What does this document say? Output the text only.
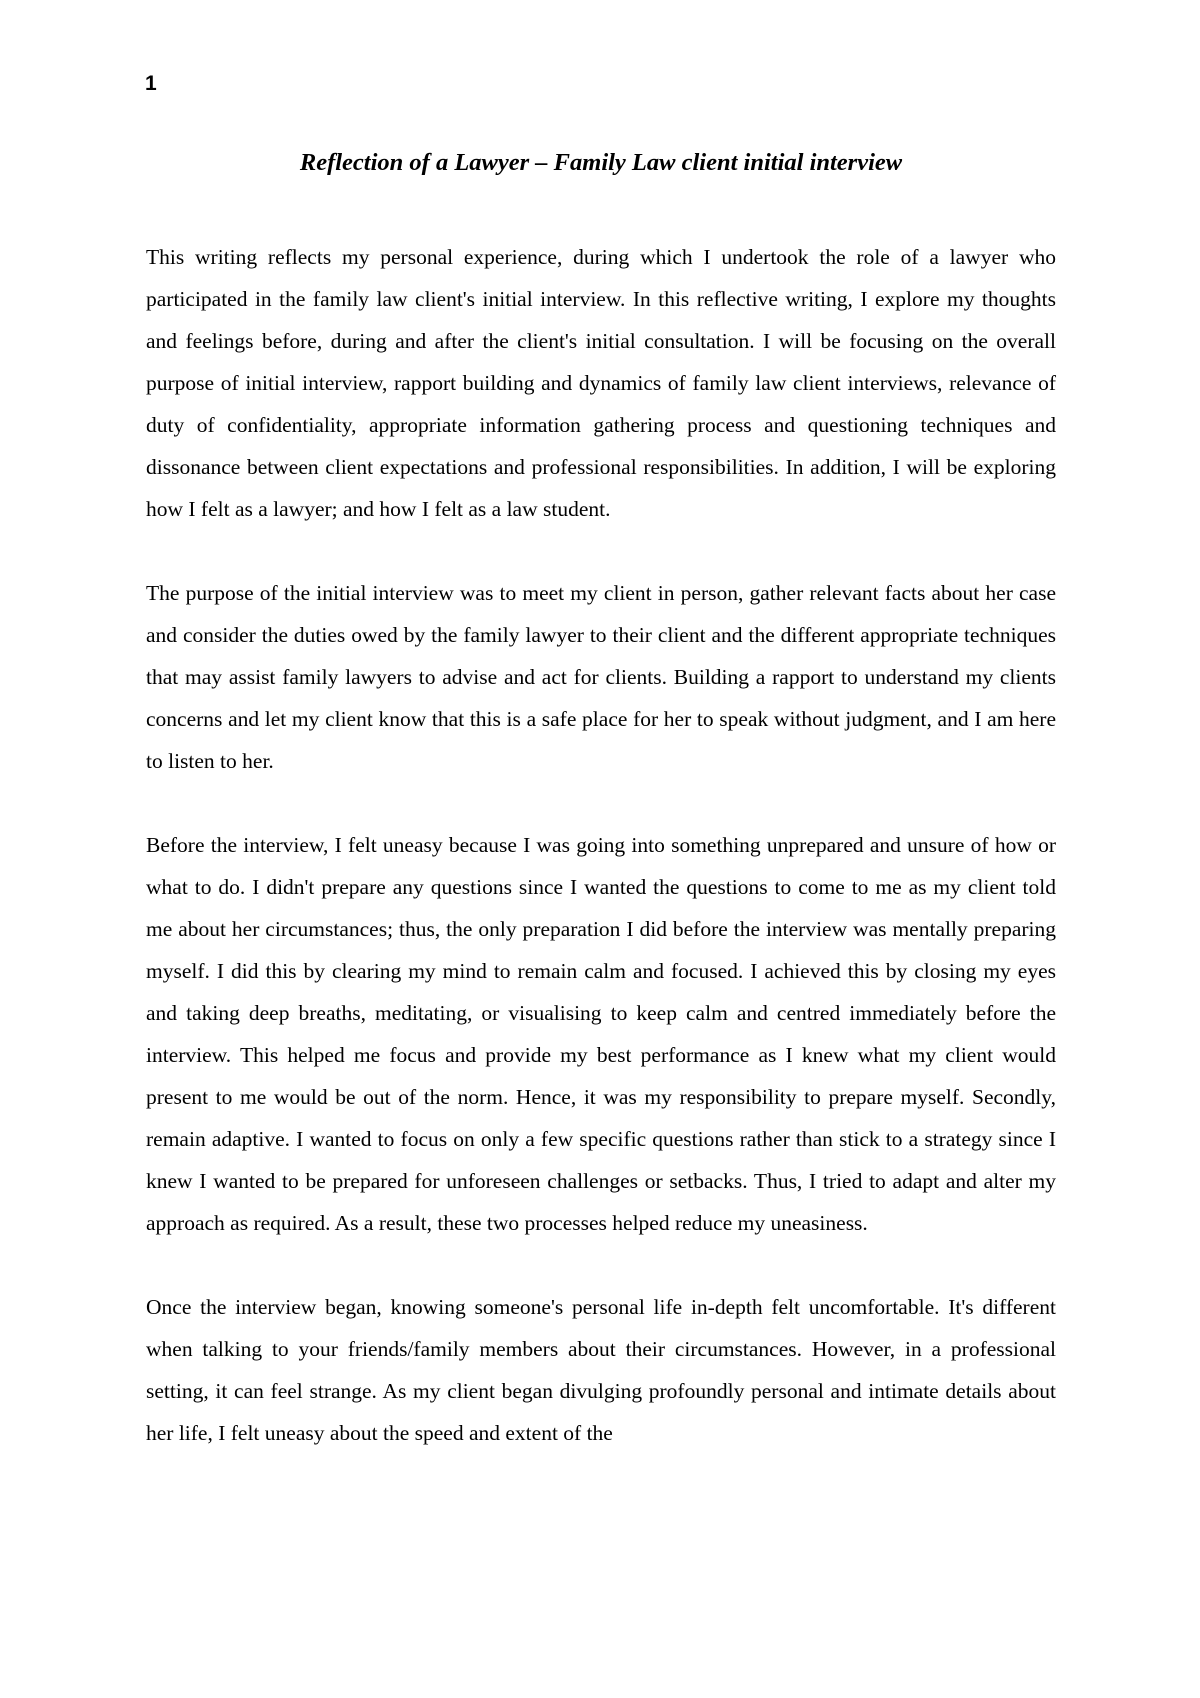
1

Reflection of a Lawyer – Family Law client initial interview

This writing reflects my personal experience, during which I undertook the role of a lawyer who participated in the family law client's initial interview. In this reflective writing, I explore my thoughts and feelings before, during and after the client's initial consultation. I will be focusing on the overall purpose of initial interview, rapport building and dynamics of family law client interviews, relevance of duty of confidentiality, appropriate information gathering process and questioning techniques and dissonance between client expectations and professional responsibilities. In addition, I will be exploring how I felt as a lawyer; and how I felt as a law student.

The purpose of the initial interview was to meet my client in person, gather relevant facts about her case and consider the duties owed by the family lawyer to their client and the different appropriate techniques that may assist family lawyers to advise and act for clients. Building a rapport to understand my clients concerns and let my client know that this is a safe place for her to speak without judgment, and I am here to listen to her.

Before the interview, I felt uneasy because I was going into something unprepared and unsure of how or what to do. I didn't prepare any questions since I wanted the questions to come to me as my client told me about her circumstances; thus, the only preparation I did before the interview was mentally preparing myself. I did this by clearing my mind to remain calm and focused. I achieved this by closing my eyes and taking deep breaths, meditating, or visualising to keep calm and centred immediately before the interview. This helped me focus and provide my best performance as I knew what my client would present to me would be out of the norm. Hence, it was my responsibility to prepare myself. Secondly, remain adaptive. I wanted to focus on only a few specific questions rather than stick to a strategy since I knew I wanted to be prepared for unforeseen challenges or setbacks. Thus, I tried to adapt and alter my approach as required. As a result, these two processes helped reduce my uneasiness.

Once the interview began, knowing someone's personal life in-depth felt uncomfortable. It's different when talking to your friends/family members about their circumstances. However, in a professional setting, it can feel strange. As my client began divulging profoundly personal and intimate details about her life, I felt uneasy about the speed and extent of the
